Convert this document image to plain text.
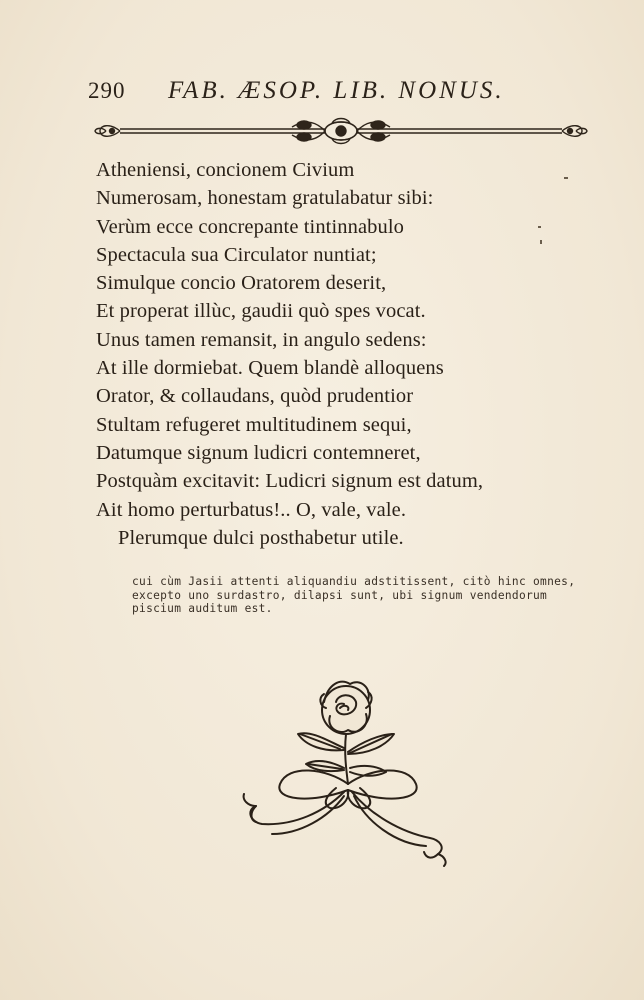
290 FAB. ÆSOP. LIB. NONUS.
Atheniensi, concionem Civium
Numerosam, honestam gratulabatur sibi:
Verùm ecce concrepante tintinnabulo
Spectacula sua Circulator nuntiat;
Simulque concio Oratorem deserit,
Et properat illùc, gaudii quò spes vocat.
Unus tamen remansit, in angulo sedens:
At ille dormiebat. Quem blandè alloquens
Orator, & collaudans, quòd prudentior
Stultam refugeret multitudinem sequi,
Datumque signum ludicri contemneret,
Postquàm excitavit: Ludicri signum est datum,
Ait homo perturbatus!.. O, vale, vale.
Plerumque dulci posthabetur utile.

cui cùm Jasii attenti aliquandiu adstitissent, citò hinc omnes,
excepto uno surdastro, dilapsi sunt, ubi signum vendendorum
piscium auditum est.
